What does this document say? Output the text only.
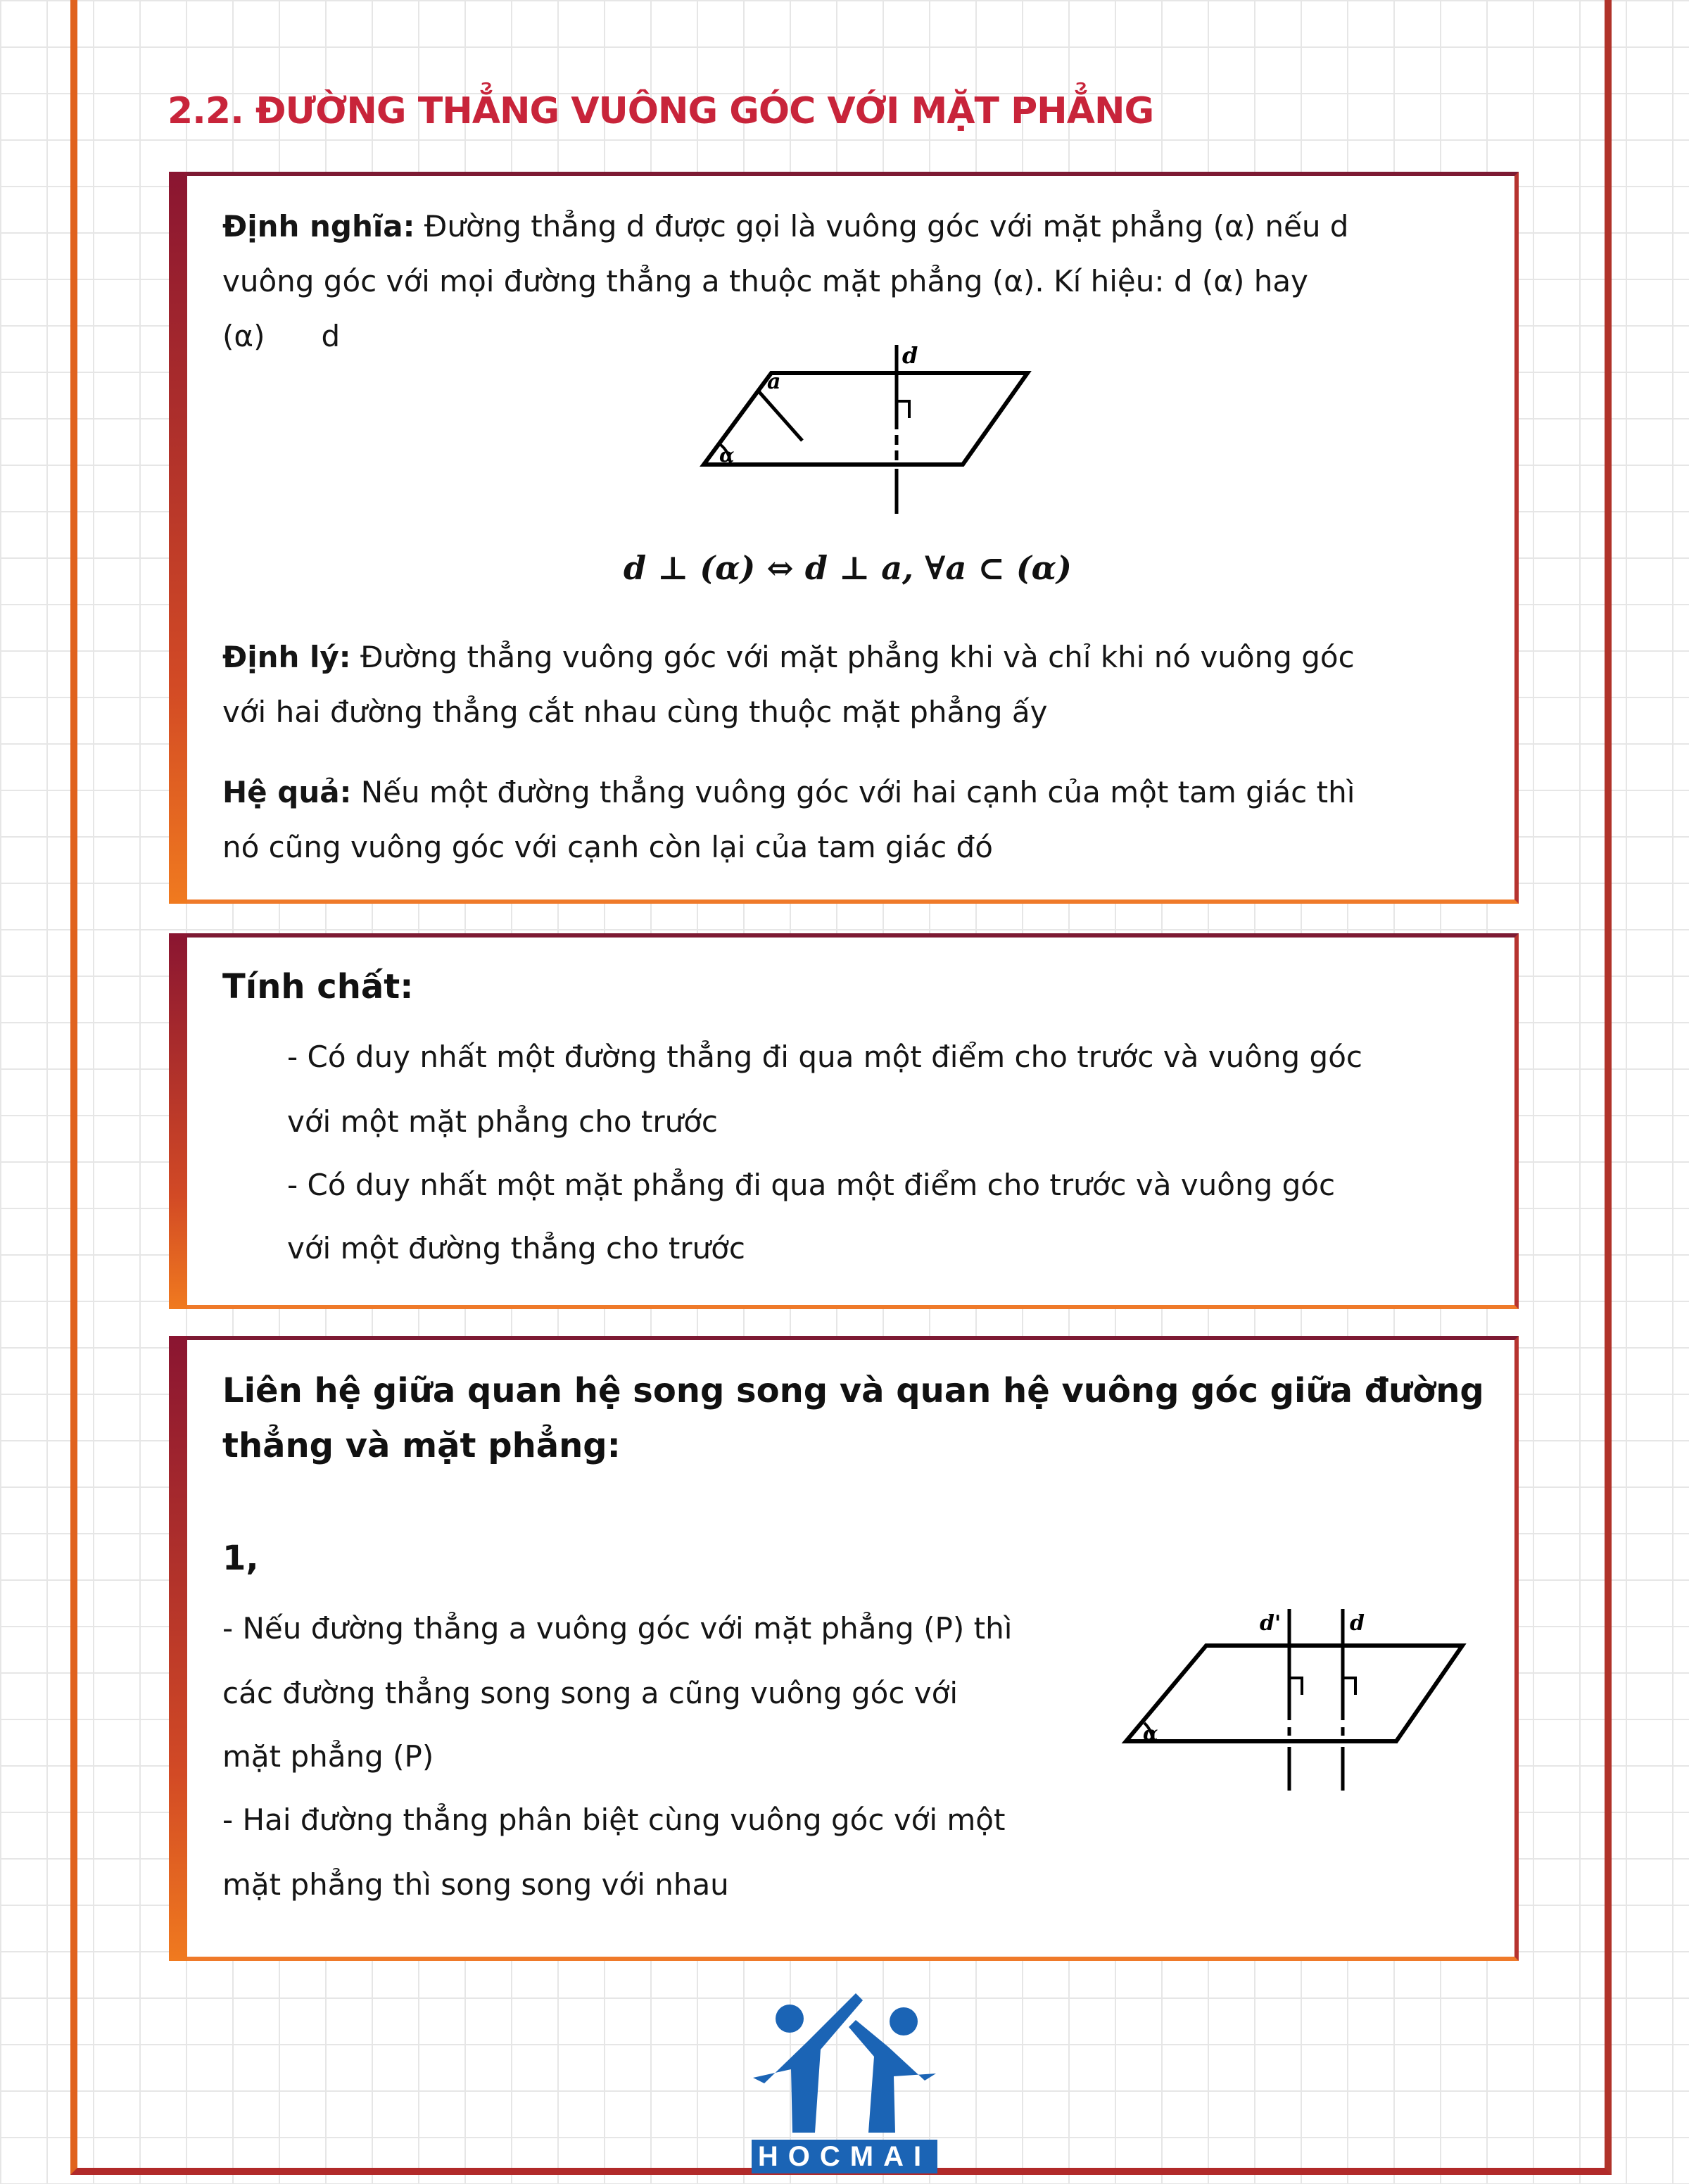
2.2. ĐƯỜNG THẲNG VUÔNG GÓC VỚI MẶT PHẲNG
Định nghĩa: Đường thẳng d được gọi là vuông góc với mặt phẳng (α) nếu d
vuông góc với mọi đường thẳng a thuộc mặt phẳng (α). Kí hiệu: d (α) hay
(α)      d
d
a
α
d ⊥ (α) ⇔ d ⊥ a, ∀a ⊂ (α)
Định lý: Đường thẳng vuông góc với mặt phẳng khi và chỉ khi nó vuông góc
với hai đường thẳng cắt nhau cùng thuộc mặt phẳng ấy
Hệ quả: Nếu một đường thẳng vuông góc với hai cạnh của một tam giác thì
nó cũng vuông góc với cạnh còn lại của tam giác đó
Tính chất:
- Có duy nhất một đường thẳng đi qua một điểm cho trước và vuông góc
với một mặt phẳng cho trước
- Có duy nhất một mặt phẳng đi qua một điểm cho trước và vuông góc
với một đường thẳng cho trước
Liên hệ giữa quan hệ song song và quan hệ vuông góc giữa đường
thẳng và mặt phẳng:
1,
- Nếu đường thẳng a vuông góc với mặt phẳng (P) thì
các đường thẳng song song a cũng vuông góc với
mặt phẳng (P)
- Hai đường thẳng phân biệt cùng vuông góc với một
mặt phẳng thì song song với nhau
d'	d
α
HOCMAI
